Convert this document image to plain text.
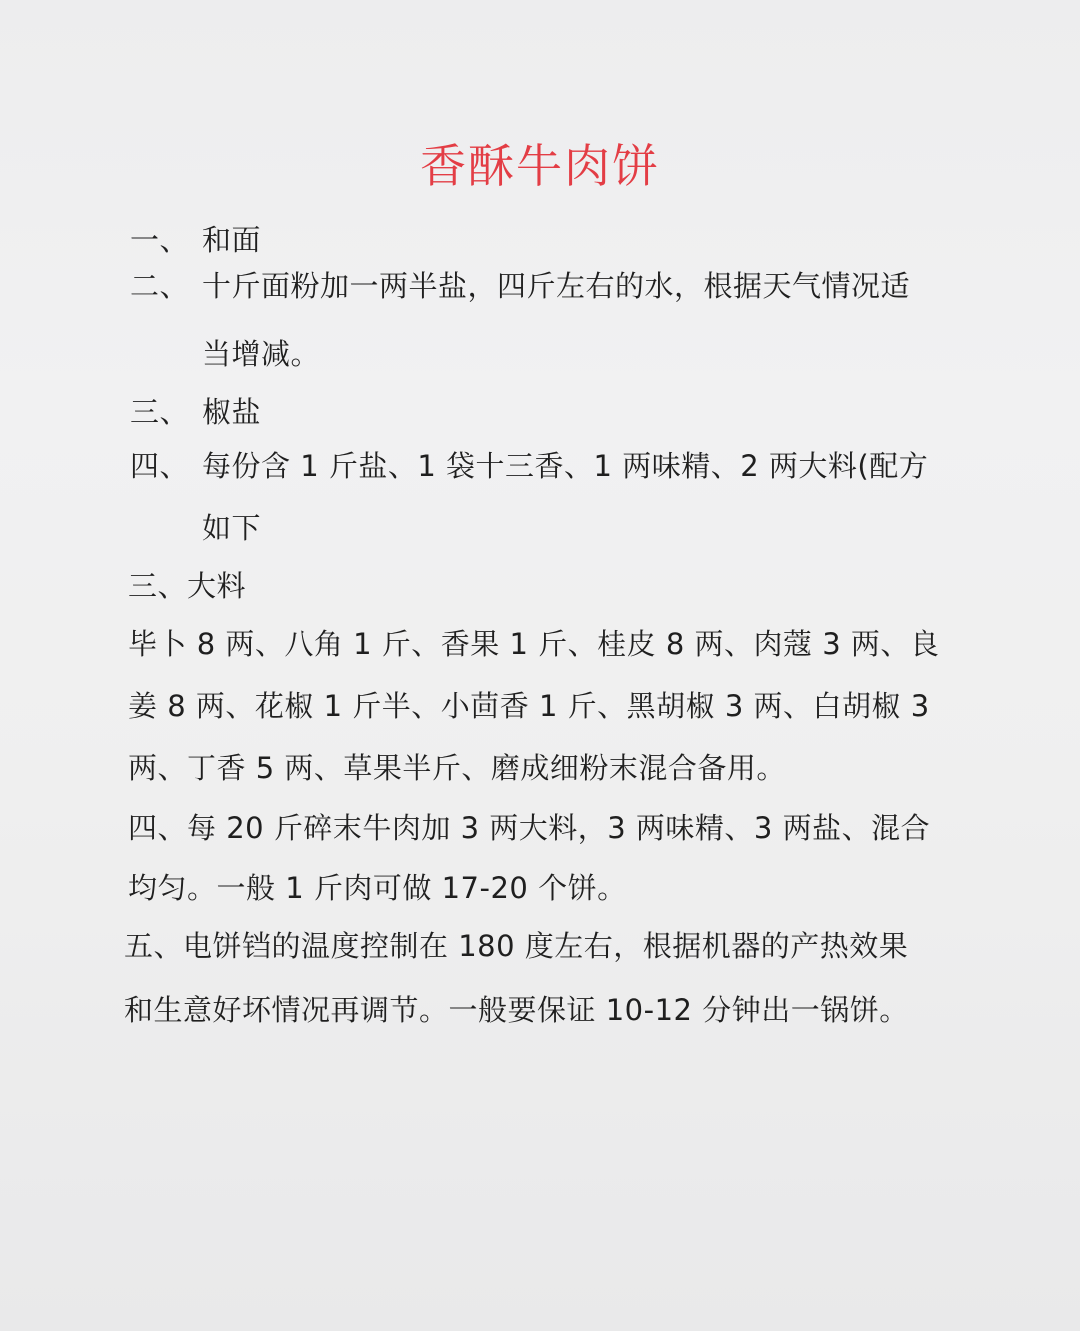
香酥牛肉饼
一、 和面
二、 十斤面粉加一两半盐，四斤左右的水，根据天气情况适
当增减。
三、 椒盐
四、 每份含 1 斤盐、1 袋十三香、1 两味精、2 两大料(配方
如下
三、大料
毕卜 8 两、八角 1 斤、香果 1 斤、桂皮 8 两、肉蔻 3 两、良
姜 8 两、花椒 1 斤半、小茴香 1 斤、黑胡椒 3 两、白胡椒 3
两、丁香 5 两、草果半斤、磨成细粉末混合备用。
四、每 20 斤碎末牛肉加 3 两大料，3 两味精、3 两盐、混合
均匀。一般 1 斤肉可做 17-20 个饼。
五、电饼铛的温度控制在 180 度左右，根据机器的产热效果
和生意好坏情况再调节。一般要保证 10-12 分钟出一锅饼。
